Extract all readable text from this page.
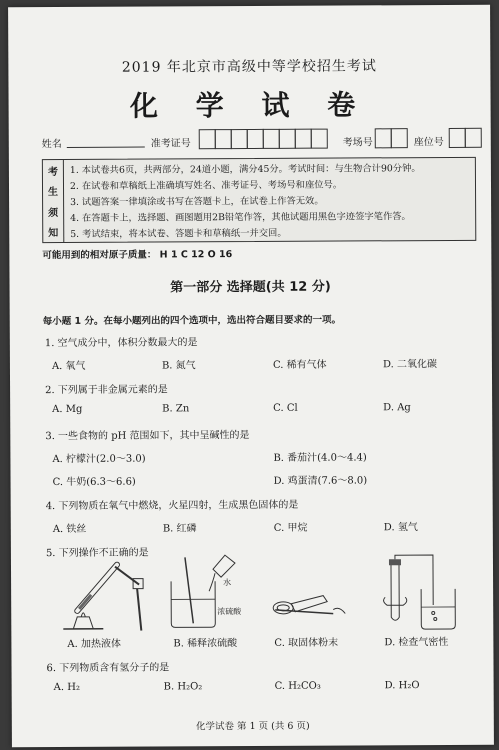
2019 年北京市高级中等学校招生考试
化 学 试 卷
姓名	准考证号	考场号	座位号
考
生
须
知
1. 本试卷共6页，共两部分，24道小题，满分45分。考试时间：与生物合计90分钟。
2. 在试卷和草稿纸上准确填写姓名、准考证号、考场号和座位号。
3. 试题答案一律填涂或书写在答题卡上，在试卷上作答无效。
4. 在答题卡上，选择题、画图题用2B铅笔作答，其他试题用黑色字迹签字笔作答。
5. 考试结束，将本试卷、答题卡和草稿纸一并交回。
可能用到的相对原子质量： H 1 C 12 O 16
第一部分 选择题(共 12 分)
每小题 1 分。在每小题列出的四个选项中，选出符合题目要求的一项。
1. 空气成分中，体积分数最大的是
A. 氧气	B. 氮气	C. 稀有气体	D. 二氧化碳
2. 下列属于非金属元素的是
A. Mg	B. Zn	C. Cl	D. Ag
3. 一些食物的 pH 范围如下，其中呈碱性的是
A. 柠檬汁(2.0～3.0)	B. 番茄汁(4.0～4.4)
C. 牛奶(6.3～6.6)	D. 鸡蛋清(7.6～8.0)
4. 下列物质在氧气中燃烧，火星四射，生成黑色固体的是
A. 铁丝	B. 红磷	C. 甲烷	D. 氢气
5. 下列操作不正确的是
水
浓硫酸
A. 加热液体	B. 稀释浓硫酸	C. 取固体粉末	D. 检查气密性
6. 下列物质含有氢分子的是
A. H₂	B. H₂O₂	C. H₂CO₃	D. H₂O
化学试卷 第 1 页 (共 6 页)
